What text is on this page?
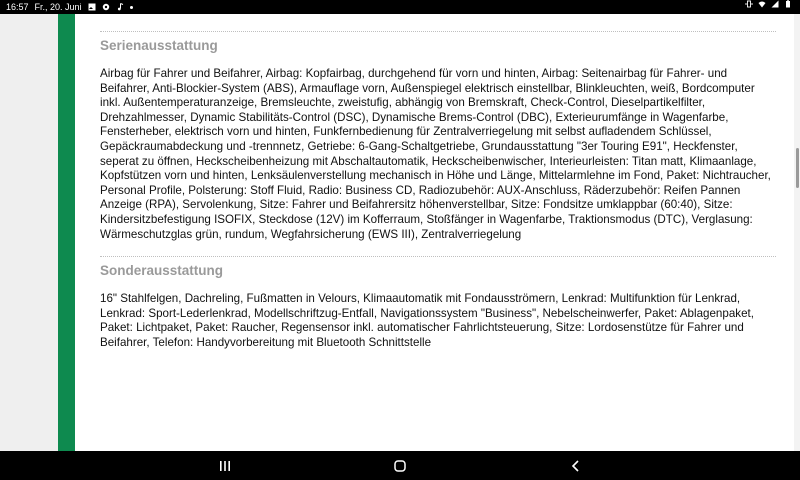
16:57 Fr., 20. Juni
Serienausstattung

Airbag für Fahrer und Beifahrer, Airbag: Kopfairbag, durchgehend für vorn und hinten, Airbag: Seitenairbag für Fahrer- und Beifahrer, Anti-Blockier-System (ABS), Armauflage vorn, Außenspiegel elektrisch einstellbar, Blinkleuchten, weiß, Bordcomputer inkl. Außentemperaturanzeige, Bremsleuchte, zweistufig, abhängig von Bremskraft, Check-Control, Dieselpartikelfilter, Drehzahlmesser, Dynamic Stabilitäts-Control (DSC), Dynamische Brems-Control (DBC), Exterieurumfänge in Wagenfarbe, Fensterheber, elektrisch vorn und hinten, Funkfernbedienung für Zentralverriegelung mit selbst aufladendem Schlüssel, Gepäckraumabdeckung und -trennnetz, Getriebe: 6-Gang-Schaltgetriebe, Grundausstattung "3er Touring E91", Heckfenster, seperat zu öffnen, Heckscheibenheizung mit Abschaltautomatik, Heckscheibenwischer, Interieurleisten: Titan matt, Klimaanlage, Kopfstützen vorn und hinten, Lenksäulenverstellung mechanisch in Höhe und Länge, Mittelarmlehne im Fond, Paket: Nichtraucher, Personal Profile, Polsterung: Stoff Fluid, Radio: Business CD, Radiozubehör: AUX-Anschluss, Räderzubehör: Reifen Pannen Anzeige (RPA), Servolenkung, Sitze: Fahrer und Beifahrersitz höhenverstellbar, Sitze: Fondsitze umklappbar (60:40), Sitze: Kindersitzbefestigung ISOFIX, Steckdose (12V) im Kofferraum, Stoßfänger in Wagenfarbe, Traktionsmodus (DTC), Verglasung: Wärmeschutzglas grün, rundum, Wegfahrsicherung (EWS III), Zentralverriegelung

Sonderausstattung

16" Stahlfelgen, Dachreling, Fußmatten in Velours, Klimaautomatik mit Fondausströmern, Lenkrad: Multifunktion für Lenkrad, Lenkrad: Sport-Lederlenkrad, Modellschriftzug-Entfall, Navigationssystem "Business", Nebelscheinwerfer, Paket: Ablagenpaket, Paket: Lichtpaket, Paket: Raucher, Regensensor inkl. automatischer Fahrlichtsteuerung, Sitze: Lordosenstütze für Fahrer und Beifahrer, Telefon: Handyvorbereitung mit Bluetooth Schnittstelle
